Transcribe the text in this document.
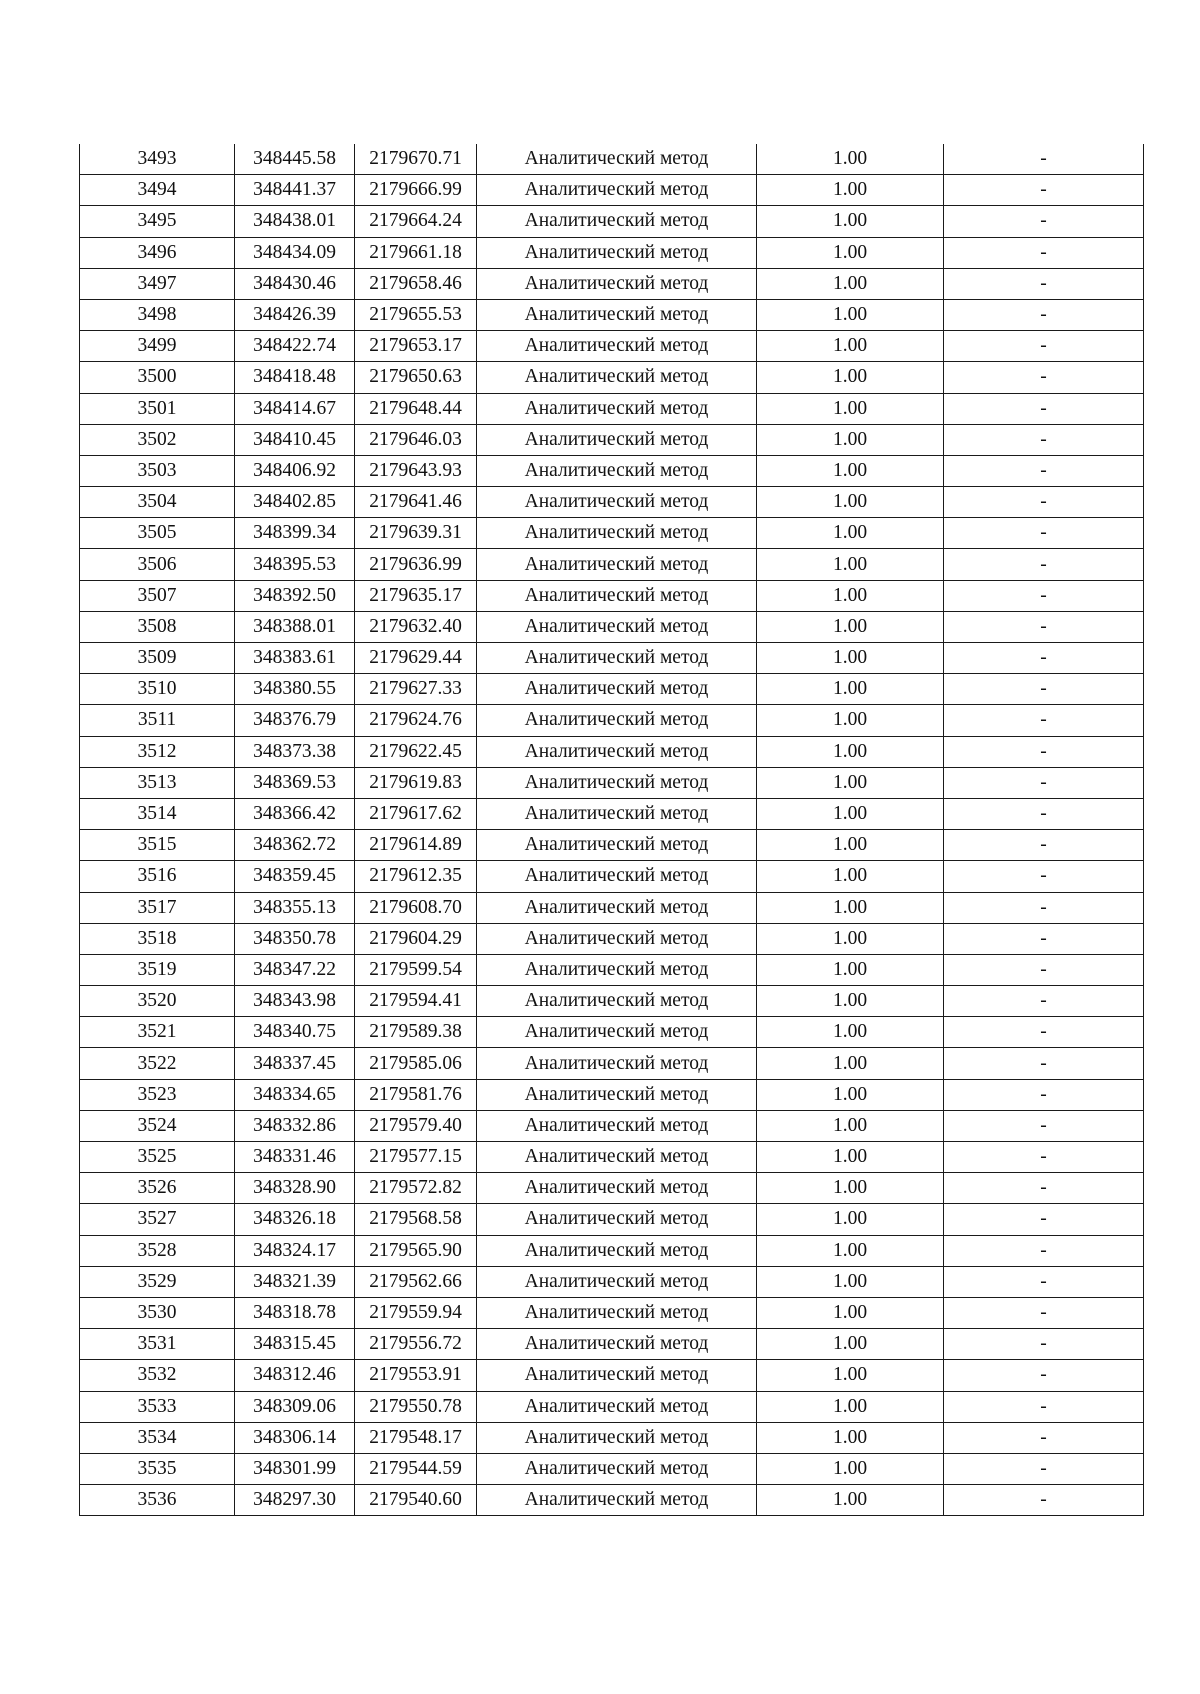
3493	348445.58	2179670.71	Аналитический метод	1.00	-
3494	348441.37	2179666.99	Аналитический метод	1.00	-
3495	348438.01	2179664.24	Аналитический метод	1.00	-
3496	348434.09	2179661.18	Аналитический метод	1.00	-
3497	348430.46	2179658.46	Аналитический метод	1.00	-
3498	348426.39	2179655.53	Аналитический метод	1.00	-
3499	348422.74	2179653.17	Аналитический метод	1.00	-
3500	348418.48	2179650.63	Аналитический метод	1.00	-
3501	348414.67	2179648.44	Аналитический метод	1.00	-
3502	348410.45	2179646.03	Аналитический метод	1.00	-
3503	348406.92	2179643.93	Аналитический метод	1.00	-
3504	348402.85	2179641.46	Аналитический метод	1.00	-
3505	348399.34	2179639.31	Аналитический метод	1.00	-
3506	348395.53	2179636.99	Аналитический метод	1.00	-
3507	348392.50	2179635.17	Аналитический метод	1.00	-
3508	348388.01	2179632.40	Аналитический метод	1.00	-
3509	348383.61	2179629.44	Аналитический метод	1.00	-
3510	348380.55	2179627.33	Аналитический метод	1.00	-
3511	348376.79	2179624.76	Аналитический метод	1.00	-
3512	348373.38	2179622.45	Аналитический метод	1.00	-
3513	348369.53	2179619.83	Аналитический метод	1.00	-
3514	348366.42	2179617.62	Аналитический метод	1.00	-
3515	348362.72	2179614.89	Аналитический метод	1.00	-
3516	348359.45	2179612.35	Аналитический метод	1.00	-
3517	348355.13	2179608.70	Аналитический метод	1.00	-
3518	348350.78	2179604.29	Аналитический метод	1.00	-
3519	348347.22	2179599.54	Аналитический метод	1.00	-
3520	348343.98	2179594.41	Аналитический метод	1.00	-
3521	348340.75	2179589.38	Аналитический метод	1.00	-
3522	348337.45	2179585.06	Аналитический метод	1.00	-
3523	348334.65	2179581.76	Аналитический метод	1.00	-
3524	348332.86	2179579.40	Аналитический метод	1.00	-
3525	348331.46	2179577.15	Аналитический метод	1.00	-
3526	348328.90	2179572.82	Аналитический метод	1.00	-
3527	348326.18	2179568.58	Аналитический метод	1.00	-
3528	348324.17	2179565.90	Аналитический метод	1.00	-
3529	348321.39	2179562.66	Аналитический метод	1.00	-
3530	348318.78	2179559.94	Аналитический метод	1.00	-
3531	348315.45	2179556.72	Аналитический метод	1.00	-
3532	348312.46	2179553.91	Аналитический метод	1.00	-
3533	348309.06	2179550.78	Аналитический метод	1.00	-
3534	348306.14	2179548.17	Аналитический метод	1.00	-
3535	348301.99	2179544.59	Аналитический метод	1.00	-
3536	348297.30	2179540.60	Аналитический метод	1.00	-
